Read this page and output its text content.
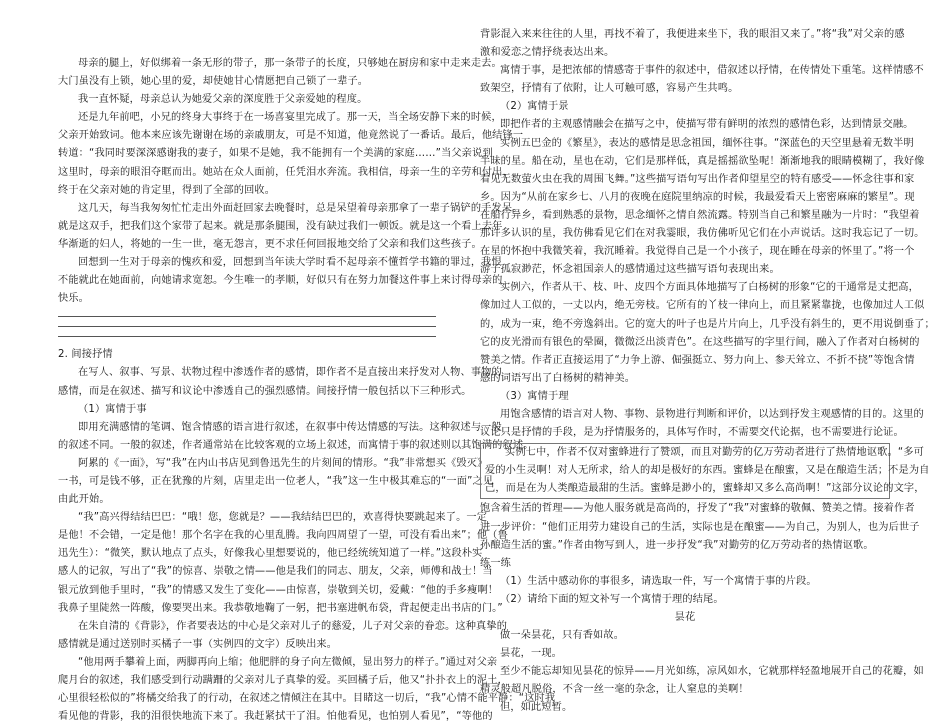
母亲的腿上，好似绑着一条无形的带子，那一条带子的长度，只够她在厨房和家中走来走去。
大门虽没有上锁，她心里的爱，却使她甘心情愿把自己锁了一辈子。
我一直怀疑，母亲总认为她爱父亲的深度胜于父亲爱她的程度。
还是九年前吧，小兄的终身大事终于在一场喜宴里完成了。那一天，当全场安静下来的时候，
父亲开始致词。他本来应该先谢谢在场的亲戚朋友，可是不知道，他竟然说了一番话。最后，他结锋一
转道：“我同时要深深感谢我的妻子，如果不是她，我不能拥有一个美满的家庭……”当父亲说到
这里时，母亲的眼泪夺眶而出。她站在众人面前，任凭泪水奔流。我相信，母亲一生的辛劳和付出，
终于在父亲对她的肯定里，得到了全部的回收。
这几天，每当我匆匆忙忙走出外面赶回家去晚餐时，总是呆望着母亲那拿了一辈子锅铲的手发呆。
就是这双手，把我们这个家带了起来。就是那条腿围，没有缺过我们一顿饭。就是这一个看上去年
华渐逝的妇人，将她的一生一世，毫无怨言，更不求任何回报地交给了父亲和我们这些孩子。
回想到一生对于母亲的愧疚和爱，回想到当年读大学时看不起母亲不懂哲学书籍的罪过，我恨
不能就此在她面前，向她请求宽恕。今生唯一的孝顺，好似只有在努力加餐这件事上来讨得母亲的
快乐。
2. 间接抒情
在写人、叙事、写景、状物过程中渗透作者的感情，即作者不是直接出来抒发对人物、事物的
感情，而是在叙述、描写和议论中渗透自己的强烈感情。间接抒情一般包括以下三种形式。
（1）寓情于事
即用充满感情的笔调、饱含情感的语言进行叙述，在叙事中传达情感的写法。这种叙述与一般
的叙述不同。一般的叙述，作者通常站在比较客观的立场上叙述，而寓情于事的叙述则以其饱满的叙述。
阿累的《一面》，写“我”在内山书店见到鲁迅先生的片刻间的情形。“我”非常想买《毁灭》
一书，可是钱不够，正在犹豫的片刻，店里走出一位老人，“我”这一生中极其难忘的“一面”之见
由此开始。
“我”高兴得结结巴巴：“哦！您，您就是？——我结结巴巴的，欢喜得快要跳起来了。一定
是他！不会错，一定是他！那个名字在我的心里乱腾。我向四周望了一望，可没有看出来”；他（鲁
迅先生）：“微笑，默认地点了点头，好像我心里想要说的，他已经统统知道了一样。”这段朴实
感人的记叙，写出了“我”的惊喜、崇敬之情——他是我们的同志、朋友，父亲，师傅和战士！当
银元放到他手里时，“我”的情感又发生了变化——由惊喜，崇敬到关切，爱戴：“他的手多瘦啊！
我鼻子里陡然一阵酸，像要哭出来。我恭敬地鞠了一躬，把书塞进帆布袋，背起便走出书店的门。”
在朱自清的《背影》，作者要表达的中心是父亲对儿子的慈爱，儿子对父亲的眷恋。这种真挚的
感情就是通过送别时买橘子一事（实例四的文字）反映出来。
“他用两手攀着上面，两脚再向上缩；他肥胖的身子向左微倾，显出努力的样子。”通过对父亲
爬月台的叙述，我们感受到行动蹒跚的父亲对儿子真挚的爱。买回橘子后，他又“扑扑衣上的泥土，
心里很轻松似的”将橘交给我了的行动，在叙述之情倾注在其中。目睹这一切后，“我”心情不能平静：“这时我
看见他的背影，我的泪很快地流下来了。我赶紧拭干了泪。怕他看见，也怕别人看见”，“等他的
背影混入来来往往的人里，再找不着了，我便进来坐下，我的眼泪又来了。”将“我”对父亲的感
激和爱恋之情抒绕表达出来。
寓情于事，是把浓郁的情感寄于事件的叙述中，借叙述以抒情，在传情处下重笔。这样情感不
致架空，抒情有了依附，让人可触可感，容易产生共鸣。
（2）寓情于景
即把作者的主观感情融会在描写之中，使描写带有鲜明的浓烈的感情色彩，达到情景交融。
实例五巴金的《繁星》，表达的感情是思念祖国，缅怀往事。“深蓝色的天空里悬着无数半明
半昧的星。船在动，星也在动，它们是那样低，真是摇摇欲坠呢！渐渐地我的眼睛模糊了，我好像
看见无数萤火虫在我的周围飞舞。”这些描写语句写出作者仰望星空的特有感受——怀念往事和家
乡。因为“从前在家乡七、八月的夜晚在庭院里纳凉的时候，我最爱看天上密密麻麻的繁星”。现
在船行异乡，看到熟悉的景物，思念缅怀之情自然流露。特别当自己和繁星融为一片时：“我望着
那许多认识的星，我仿佛看见它们在对我霎眼，我仿佛听见它们在小声说话。这时我忘记了一切。
在星的怀抱中我微笑着，我沉睡着。我觉得自己是一个小孩子，现在睡在母亲的怀里了。”将一个
游子孤寂渺茫，怀念祖国亲人的感情通过这些描写语句表现出来。
实例六，作者从干、枝、叶、皮四个方面具体地描写了白杨树的形象“它的干通常是丈把高，
像加过人工似的，一丈以内，绝无旁枝。它所有的丫枝一律向上，而且紧紧靠拢，也像加过人工似
的，成为一束，绝不旁逸斜出。它的宽大的叶子也是片片向上，几乎没有斜生的，更不用说倒垂了；
它的皮光滑而有银色的晕圈，微微泛出淡青色”。在这些描写的字里行间，融入了作者对白杨树的
赞美之情。作者正直接运用了“力争上游、倔强挺立、努力向上、参天耸立、不折不挠”等饱含情
感的词语写出了白杨树的精神美。
（3）寓情于理
用饱含感情的语言对人物、事物、景物进行判断和评价，以达到抒发主观感情的目的。这里的
议论只是抒情的手段，是为抒情服务的，具体写作时，不需要交代论据，也不需要进行论证。
实例七中，作者不仅对蜜蜂进行了赞颂，而且对勤劳的亿万劳动者进行了热情地讴歌。“多可
爱的小生灵啊！对人无所求，给人的却是极好的东西。蜜蜂是在酿蜜，又是在酿造生活；不是为自
己，而是在为人类酿造最甜的生活。蜜蜂是渺小的，蜜蜂却又多么高尚啊！”这部分议论的文字，
饱含着生活的哲理——为他人服务就是高尚的，抒发了“我”对蜜蜂的敬佩、赞美之情。接着作者
进一步评价：“他们正用劳力建设自己的生活，实际也是在酿蜜——为自己，为别人，也为后世子
孙酿造生活的蜜。”作者由物写到人，进一步抒发“我”对勤劳的亿万劳动者的热情讴歌。
练一练
（1）生活中感动你的事很多，请选取一件，写一个寓情于事的片段。
（2）请给下面的短文补写一个寓情于理的结尾。
昙花
做一朵昙花，只有香如故。
昙花，一现。
至少不能忘却知见昙花的惊异——月光如练，凉风如水，它就那样轻盈地展开自己的花瓣，如
精灵般超凡脱俗，不含一丝一毫的杂念，让人窒息的美啊！
但，如此短暂。
